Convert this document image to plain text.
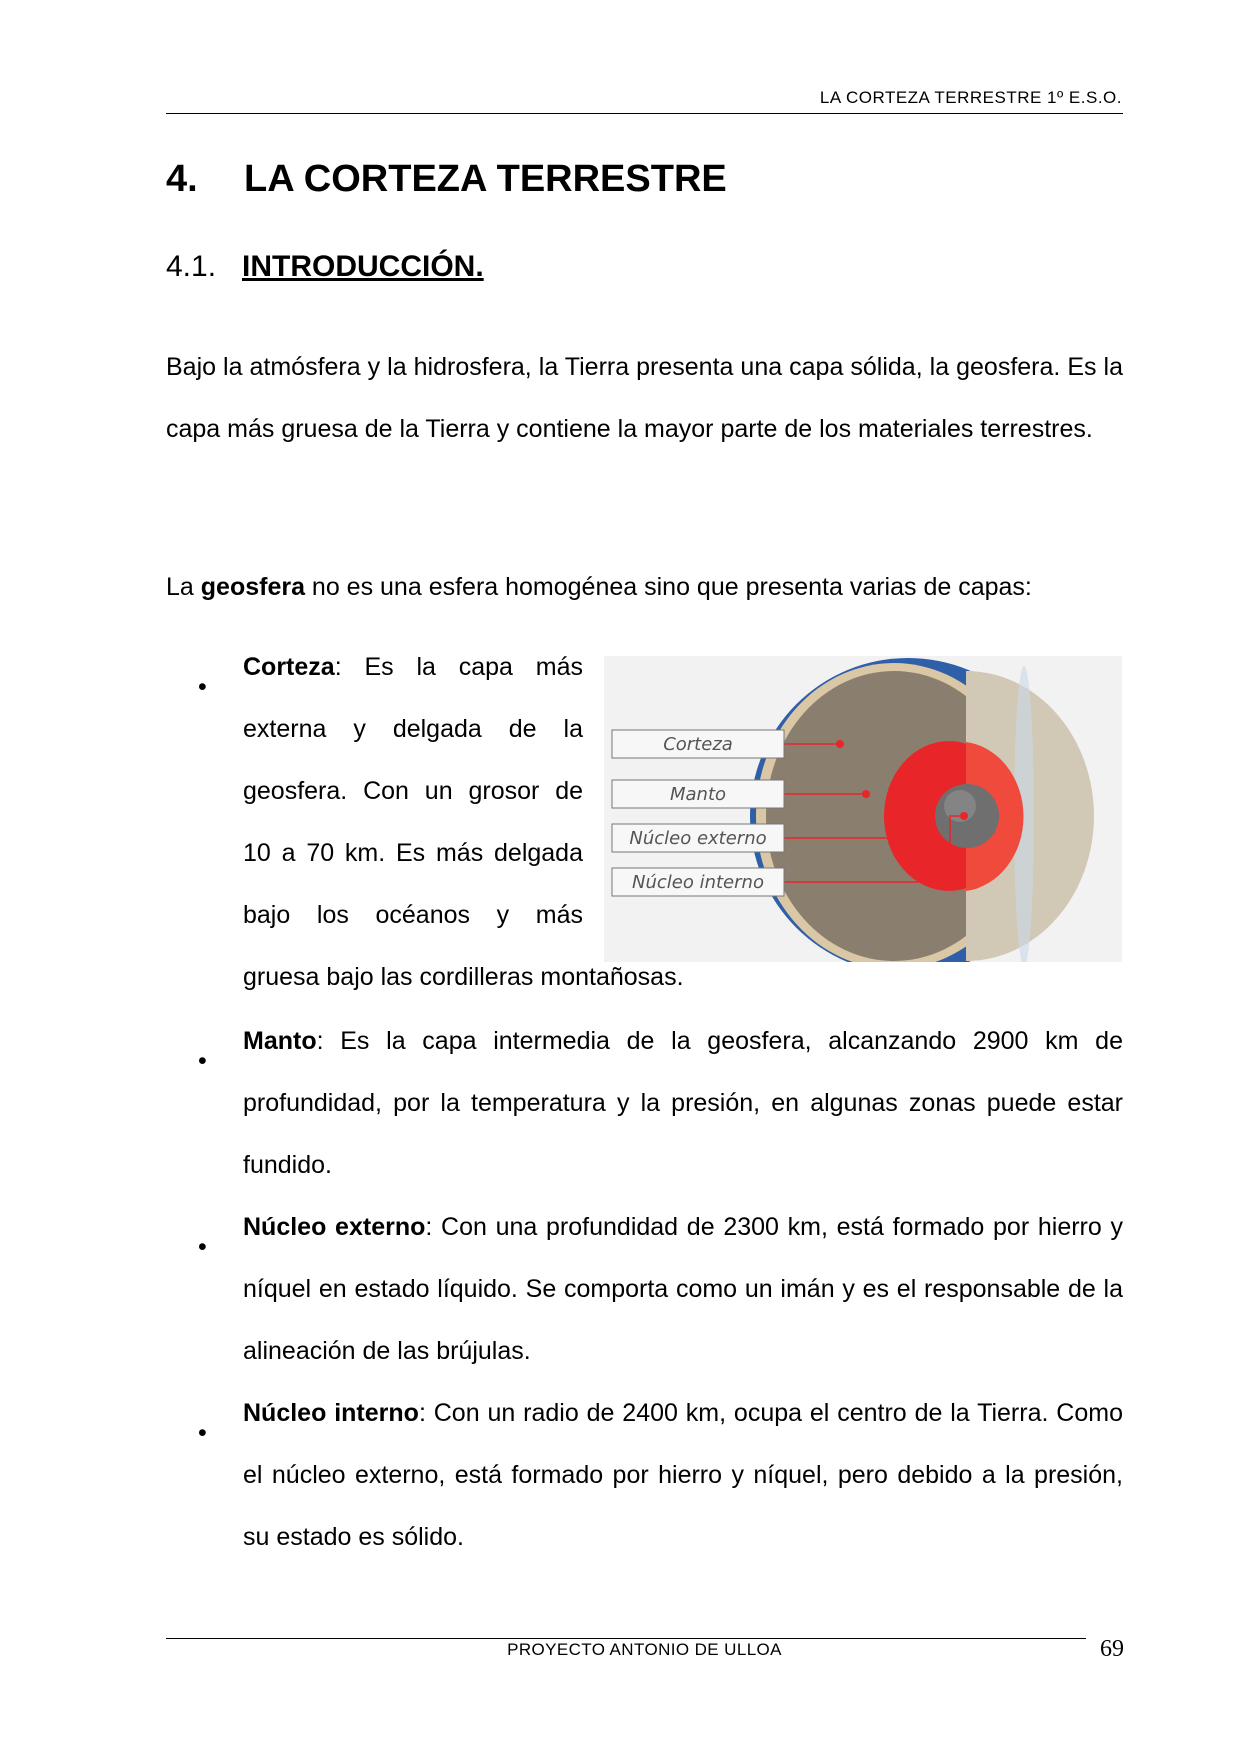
LA CORTEZA TERRESTRE 1º E.S.O.
4. LA CORTEZA TERRESTRE
4.1. INTRODUCCIÓN.

Bajo la atmósfera y la hidrosfera, la Tierra presenta una capa sólida, la geosfera. Es la capa más gruesa de la Tierra y contiene la mayor parte de los materiales terrestres.

La geosfera no es una esfera homogénea sino que presenta varias de capas:

•
Corteza: Es la capa más
externa y delgada de la
geosfera. Con un grosor de
10 a 70 km. Es más delgada
bajo los océanos y más
gruesa bajo las cordilleras montañosas.
Corteza
Manto
Núcleo externo
Núcleo interno
•

Manto: Es la capa intermedia de la geosfera, alcanzando 2900 km de profundidad, por la temperatura y la presión, en algunas zonas puede estar fundido.

•

Núcleo externo: Con una profundidad de 2300 km, está formado por hierro y níquel en estado líquido. Se comporta como un imán y es el responsable de la alineación de las brújulas.

•

Núcleo interno: Con un radio de 2400 km, ocupa el centro de la Tierra. Como el núcleo externo, está formado por hierro y níquel, pero debido a la presión, su estado es sólido.

PROYECTO ANTONIO DE ULLOA	69
